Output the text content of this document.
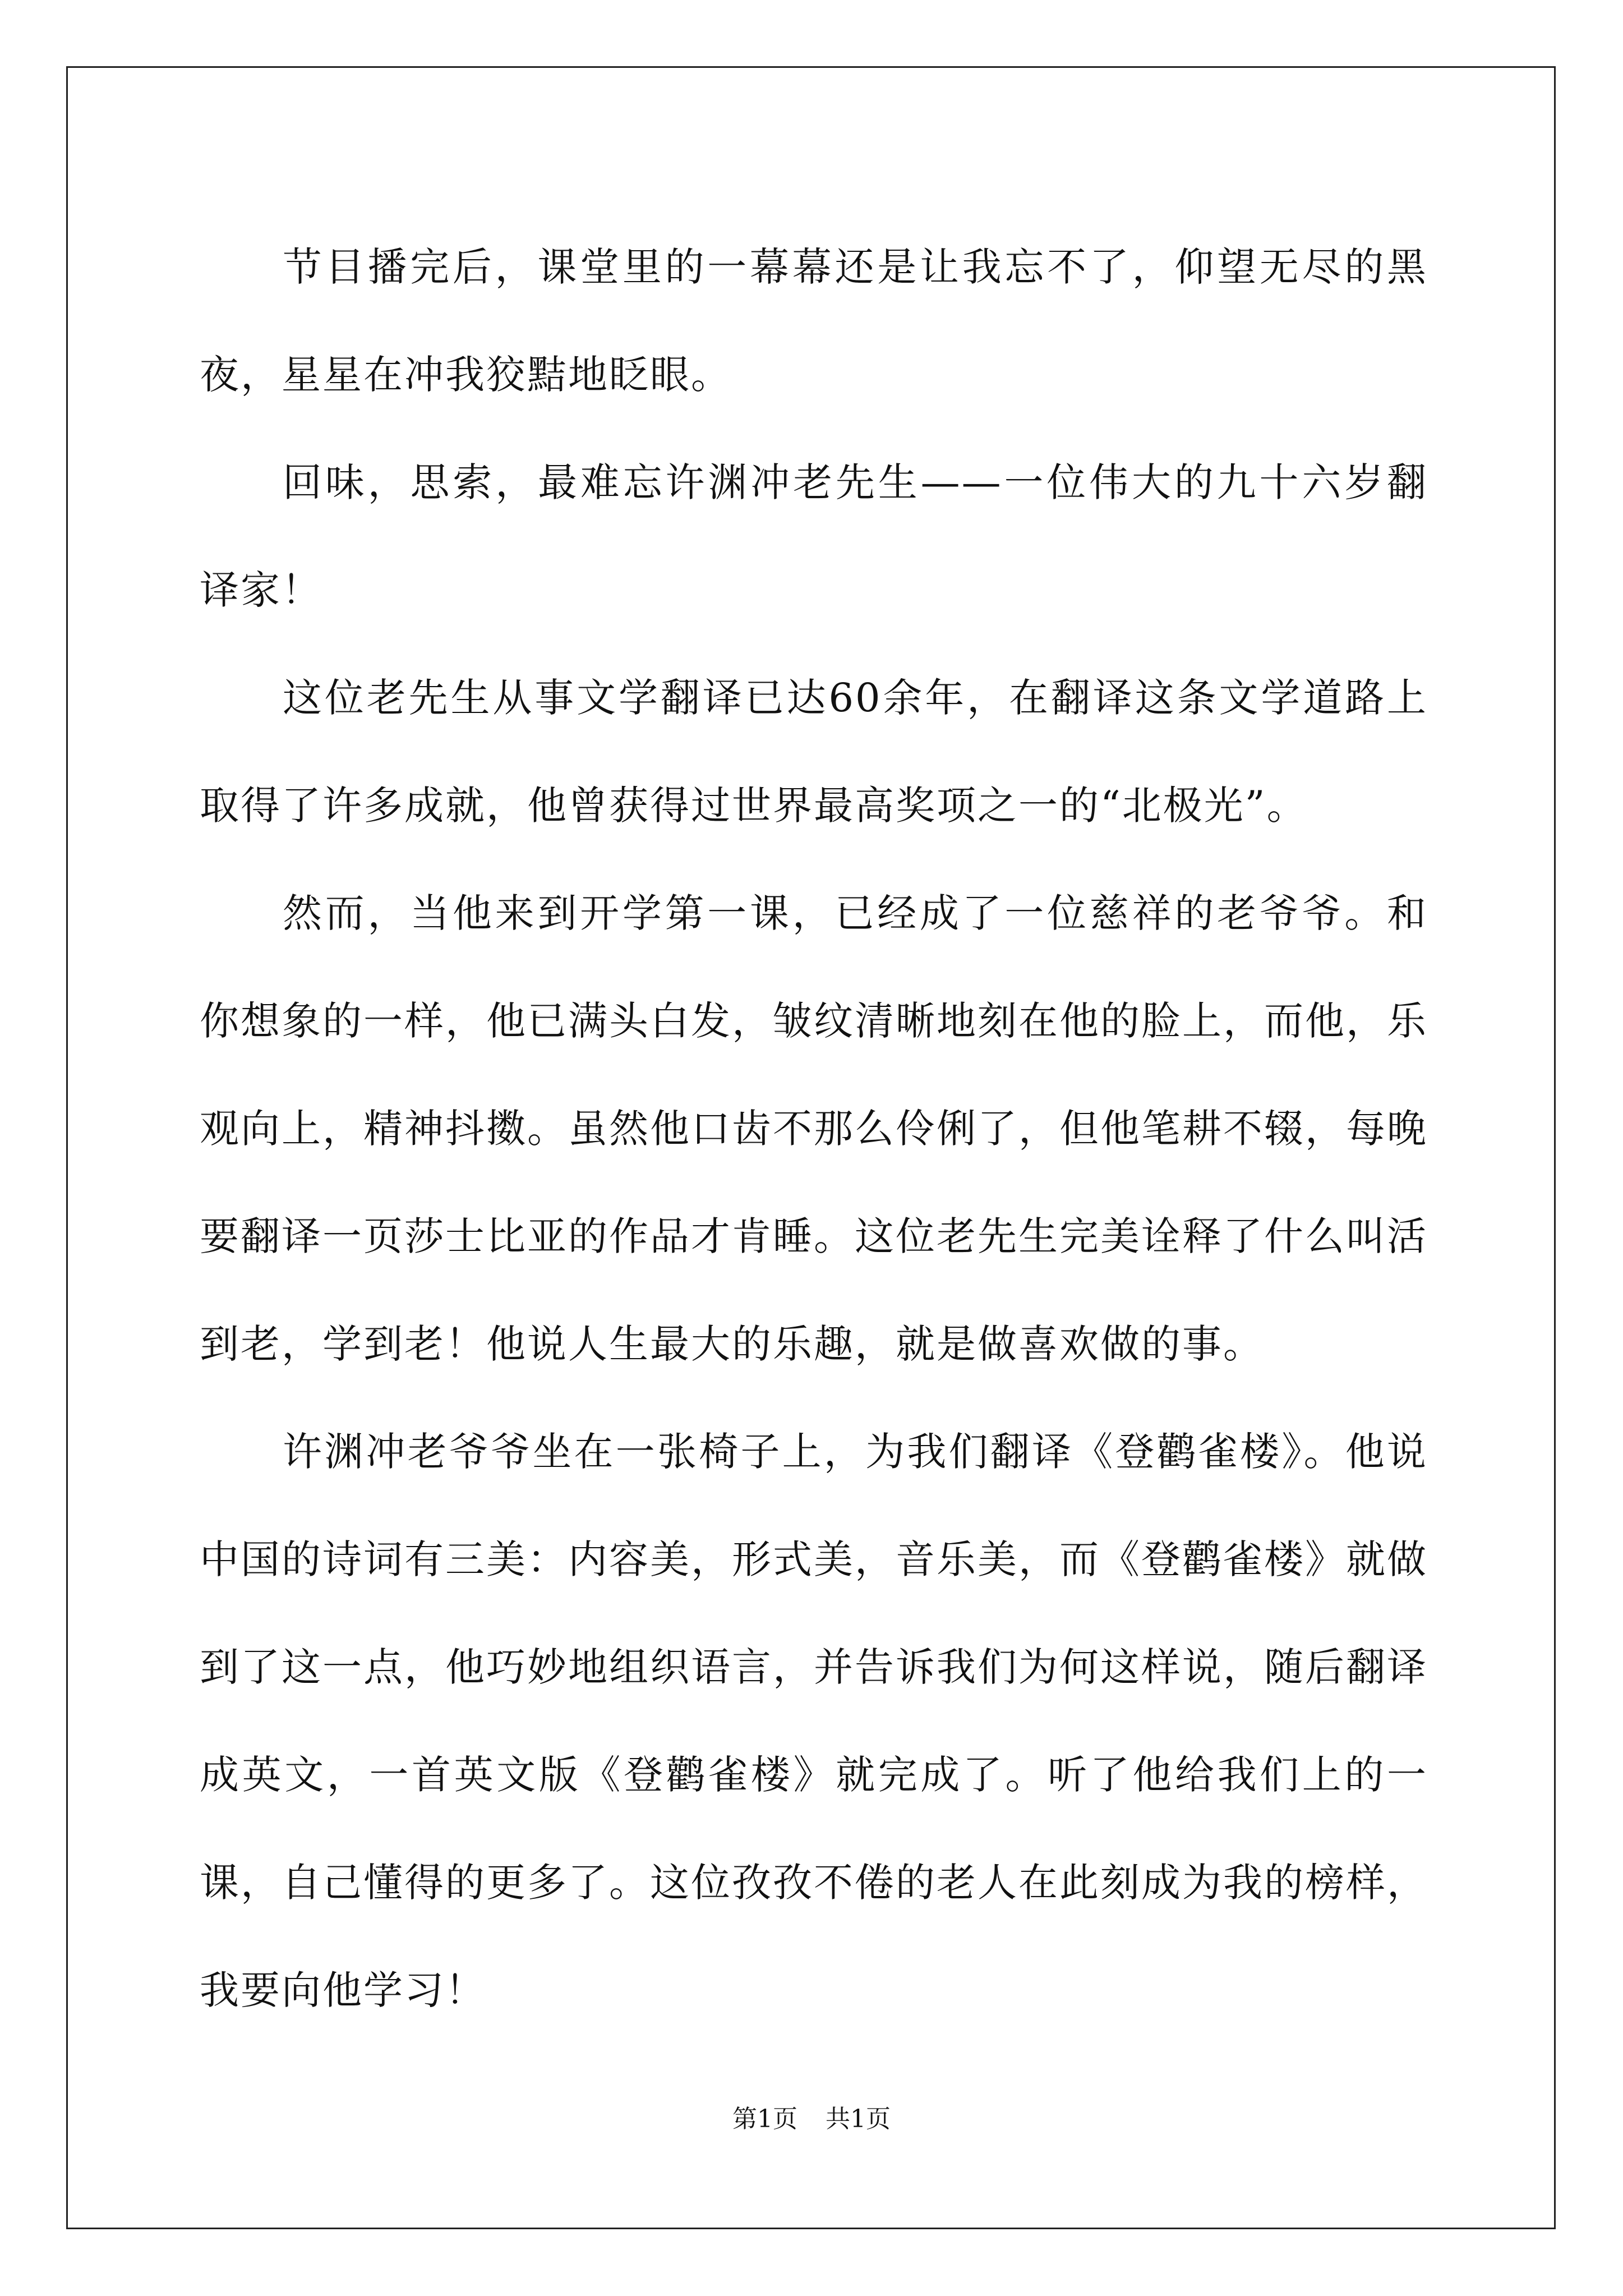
节目播完后，课堂里的一幕幕还是让我忘不了，仰望无尽的黑夜，星星在冲我狡黠地眨眼。

回味，思索，最难忘许渊冲老先生——一位伟大的九十六岁翻译家！

这位老先生从事文学翻译已达60余年，在翻译这条文学道路上取得了许多成就，他曾获得过世界最高奖项之一的“北极光”。

然而，当他来到开学第一课，已经成了一位慈祥的老爷爷。和你想象的一样，他已满头白发，皱纹清晰地刻在他的脸上，而他，乐观向上，精神抖擞。虽然他口齿不那么伶俐了，但他笔耕不辍，每晚要翻译一页莎士比亚的作品才肯睡。这位老先生完美诠释了什么叫活到老，学到老！他说人生最大的乐趣，就是做喜欢做的事。

许渊冲老爷爷坐在一张椅子上，为我们翻译《登鹳雀楼》。他说中国的诗词有三美：内容美，形式美，音乐美，而《登鹳雀楼》就做到了这一点，他巧妙地组织语言，并告诉我们为何这样说，随后翻译成英文，一首英文版《登鹳雀楼》就完成了。听了他给我们上的一课，自己懂得的更多了。这位孜孜不倦的老人在此刻成为我的榜样，我要向他学习！

第1页 共1页
